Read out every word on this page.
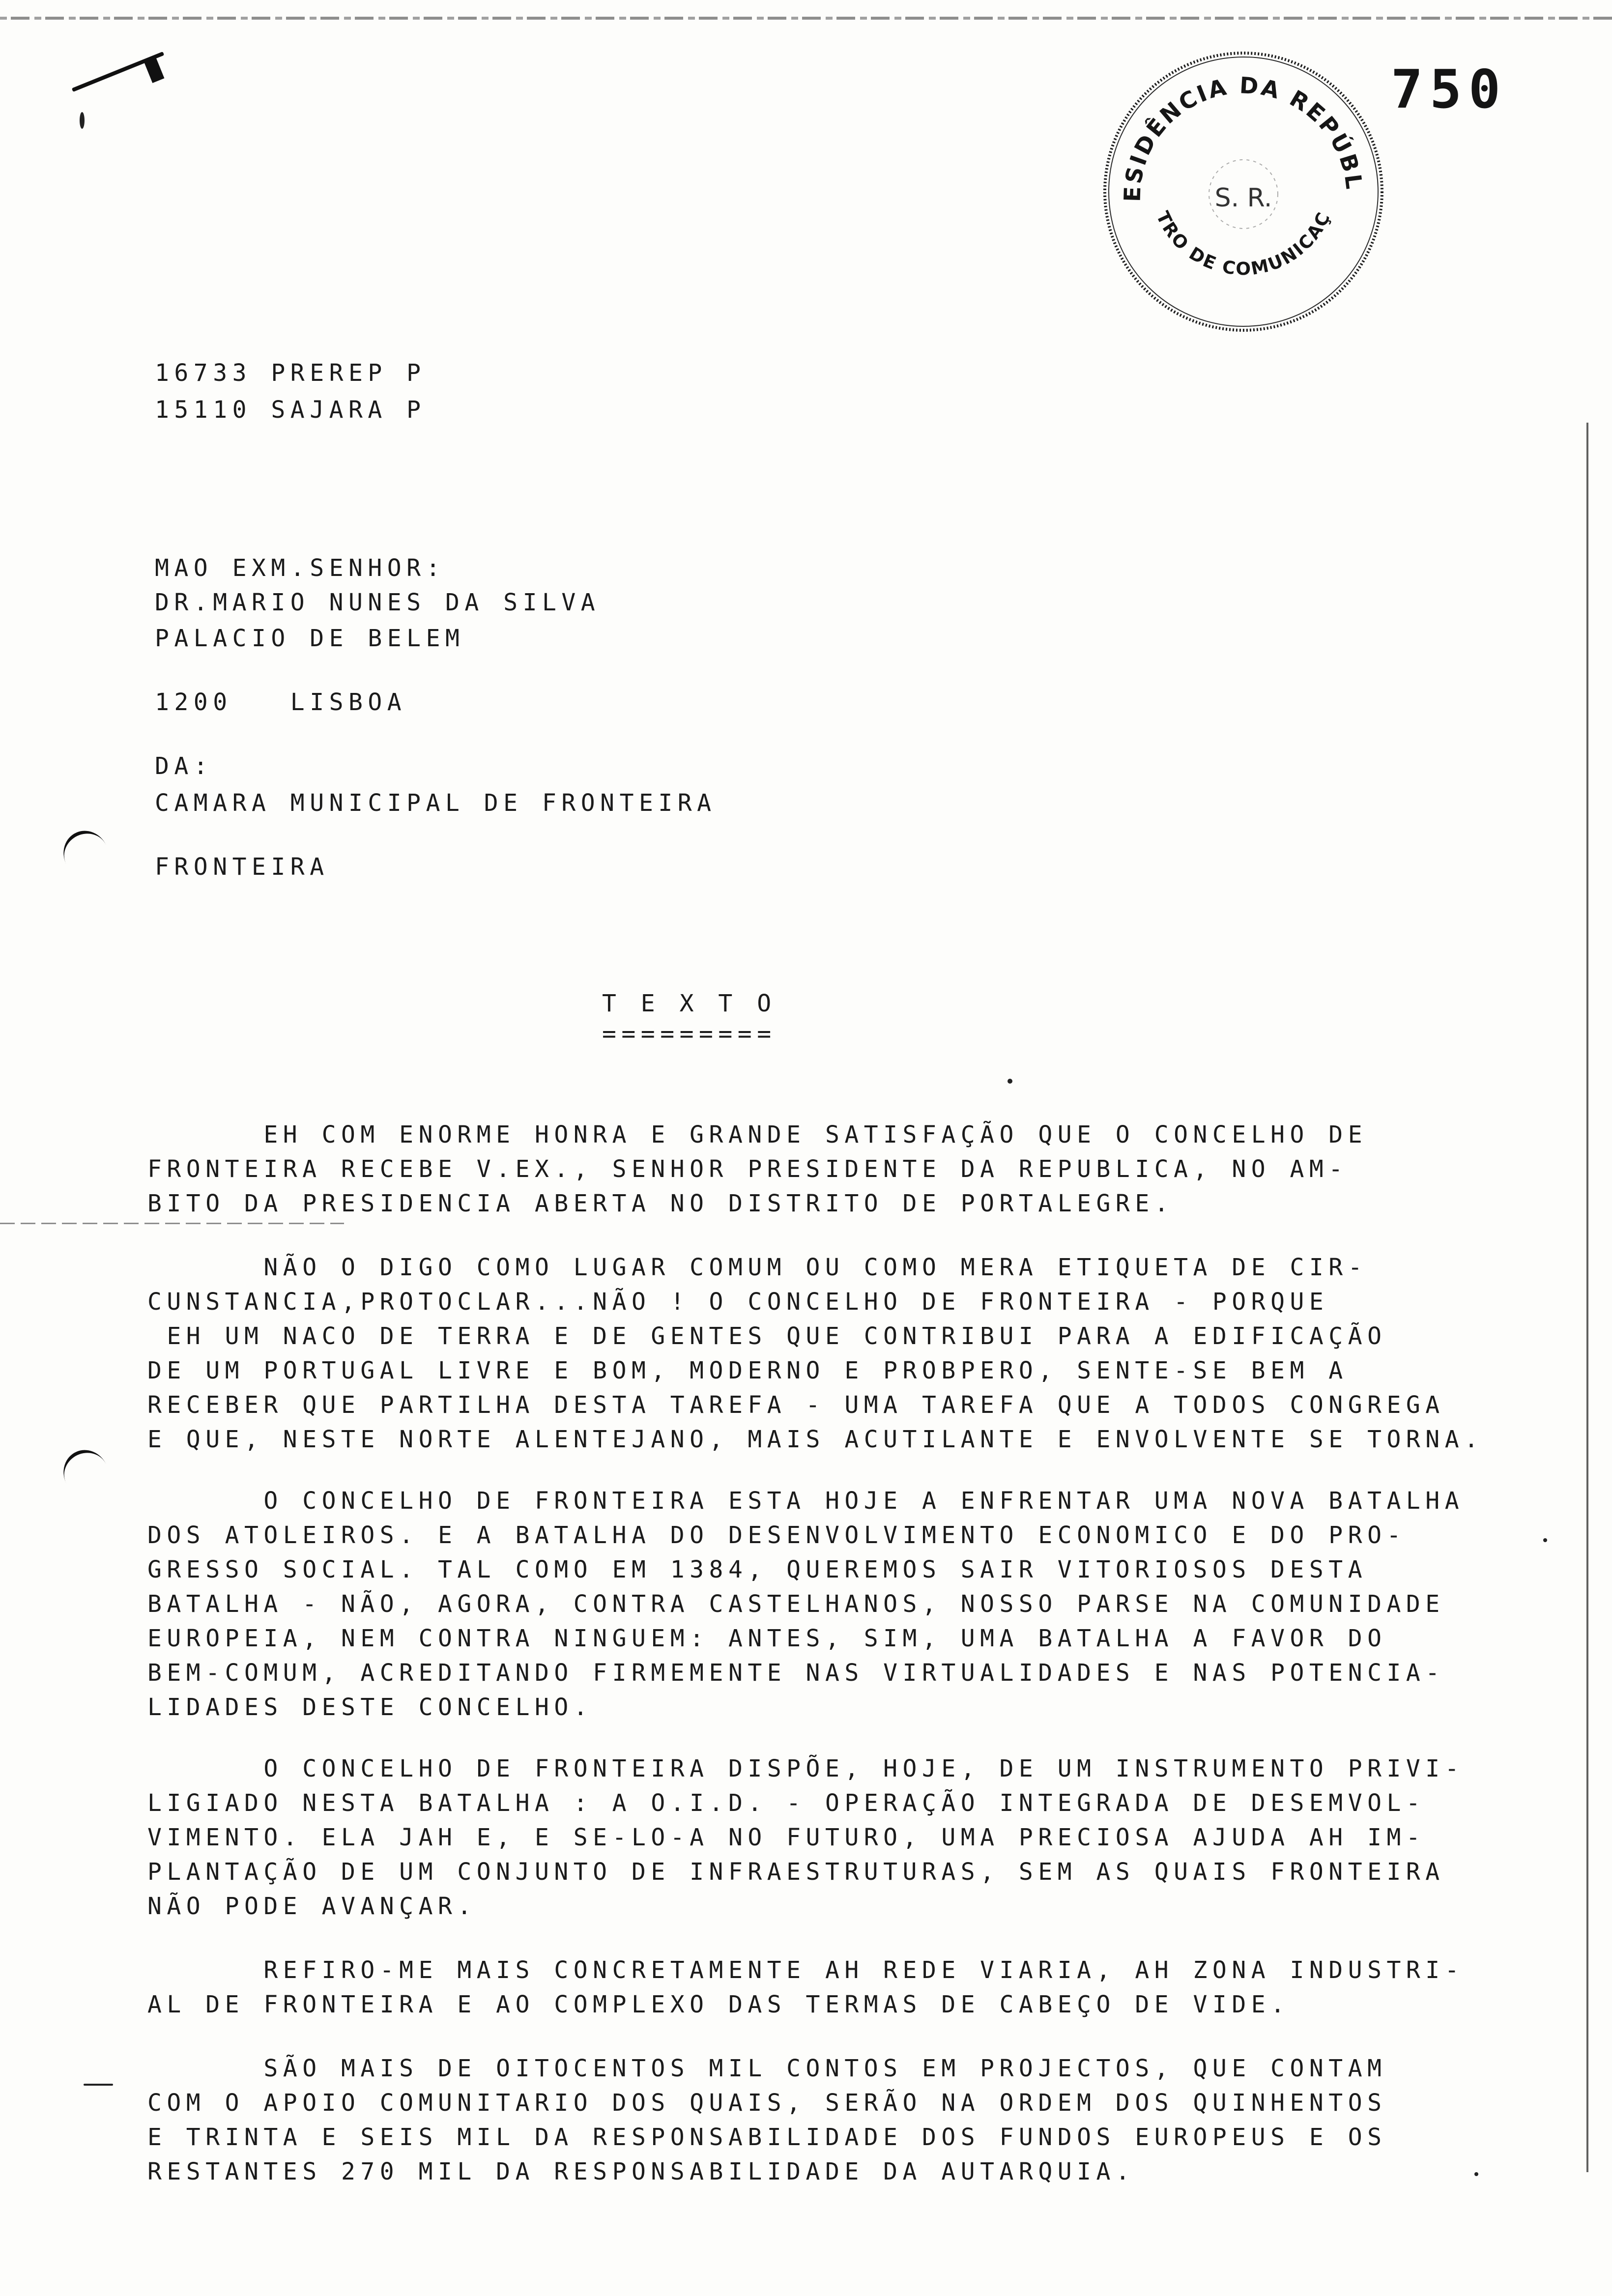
ESIDÊNCIA DA REPÚBL
TRO DE COMUNICAÇ
S. R.
750
16733 PREREP P
15110 SAJARA P
MAO EXM.SENHOR:
DR.MARIO NUNES DA SILVA
PALACIO DE BELEM
1200   LISBOA
DA:
CAMARA MUNICIPAL DE FRONTEIRA
FRONTEIRA
T E X T O
=========
EH COM ENORME HONRA E GRANDE SATISFAÇÃO QUE O CONCELHO DE
FRONTEIRA RECEBE V.EX., SENHOR PRESIDENTE DA REPUBLICA, NO AM-
BITO DA PRESIDENCIA ABERTA NO DISTRITO DE PORTALEGRE.
NÃO O DIGO COMO LUGAR COMUM OU COMO MERA ETIQUETA DE CIR-
CUNSTANCIA,PROTOCLAR...NÃO ! O CONCELHO DE FRONTEIRA - PORQUE
EH UM NACO DE TERRA E DE GENTES QUE CONTRIBUI PARA A EDIFICAÇÃO
DE UM PORTUGAL LIVRE E BOM, MODERNO E PROBPERO, SENTE-SE BEM A
RECEBER QUE PARTILHA DESTA TAREFA - UMA TAREFA QUE A TODOS CONGREGA
E QUE, NESTE NORTE ALENTEJANO, MAIS ACUTILANTE E ENVOLVENTE SE TORNA.
O CONCELHO DE FRONTEIRA ESTA HOJE A ENFRENTAR UMA NOVA BATALHA
DOS ATOLEIROS. E A BATALHA DO DESENVOLVIMENTO ECONOMICO E DO PRO-
GRESSO SOCIAL. TAL COMO EM 1384, QUEREMOS SAIR VITORIOSOS DESTA
BATALHA - NÃO, AGORA, CONTRA CASTELHANOS, NOSSO PARSE NA COMUNIDADE
EUROPEIA, NEM CONTRA NINGUEM: ANTES, SIM, UMA BATALHA A FAVOR DO
BEM-COMUM, ACREDITANDO FIRMEMENTE NAS VIRTUALIDADES E NAS POTENCIA-
LIDADES DESTE CONCELHO.
O CONCELHO DE FRONTEIRA DISPÕE, HOJE, DE UM INSTRUMENTO PRIVI-
LIGIADO NESTA BATALHA : A O.I.D. - OPERAÇÃO INTEGRADA DE DESEMVOL-
VIMENTO. ELA JAH E, E SE-LO-A NO FUTURO, UMA PRECIOSA AJUDA AH IM-
PLANTAÇÃO DE UM CONJUNTO DE INFRAESTRUTURAS, SEM AS QUAIS FRONTEIRA
NÃO PODE AVANÇAR.
REFIRO-ME MAIS CONCRETAMENTE AH REDE VIARIA, AH ZONA INDUSTRI-
AL DE FRONTEIRA E AO COMPLEXO DAS TERMAS DE CABEÇO DE VIDE.
SÃO MAIS DE OITOCENTOS MIL CONTOS EM PROJECTOS, QUE CONTAM
COM O APOIO COMUNITARIO DOS QUAIS, SERÃO NA ORDEM DOS QUINHENTOS
E TRINTA E SEIS MIL DA RESPONSABILIDADE DOS FUNDOS EUROPEUS E OS
RESTANTES 270 MIL DA RESPONSABILIDADE DA AUTARQUIA.
